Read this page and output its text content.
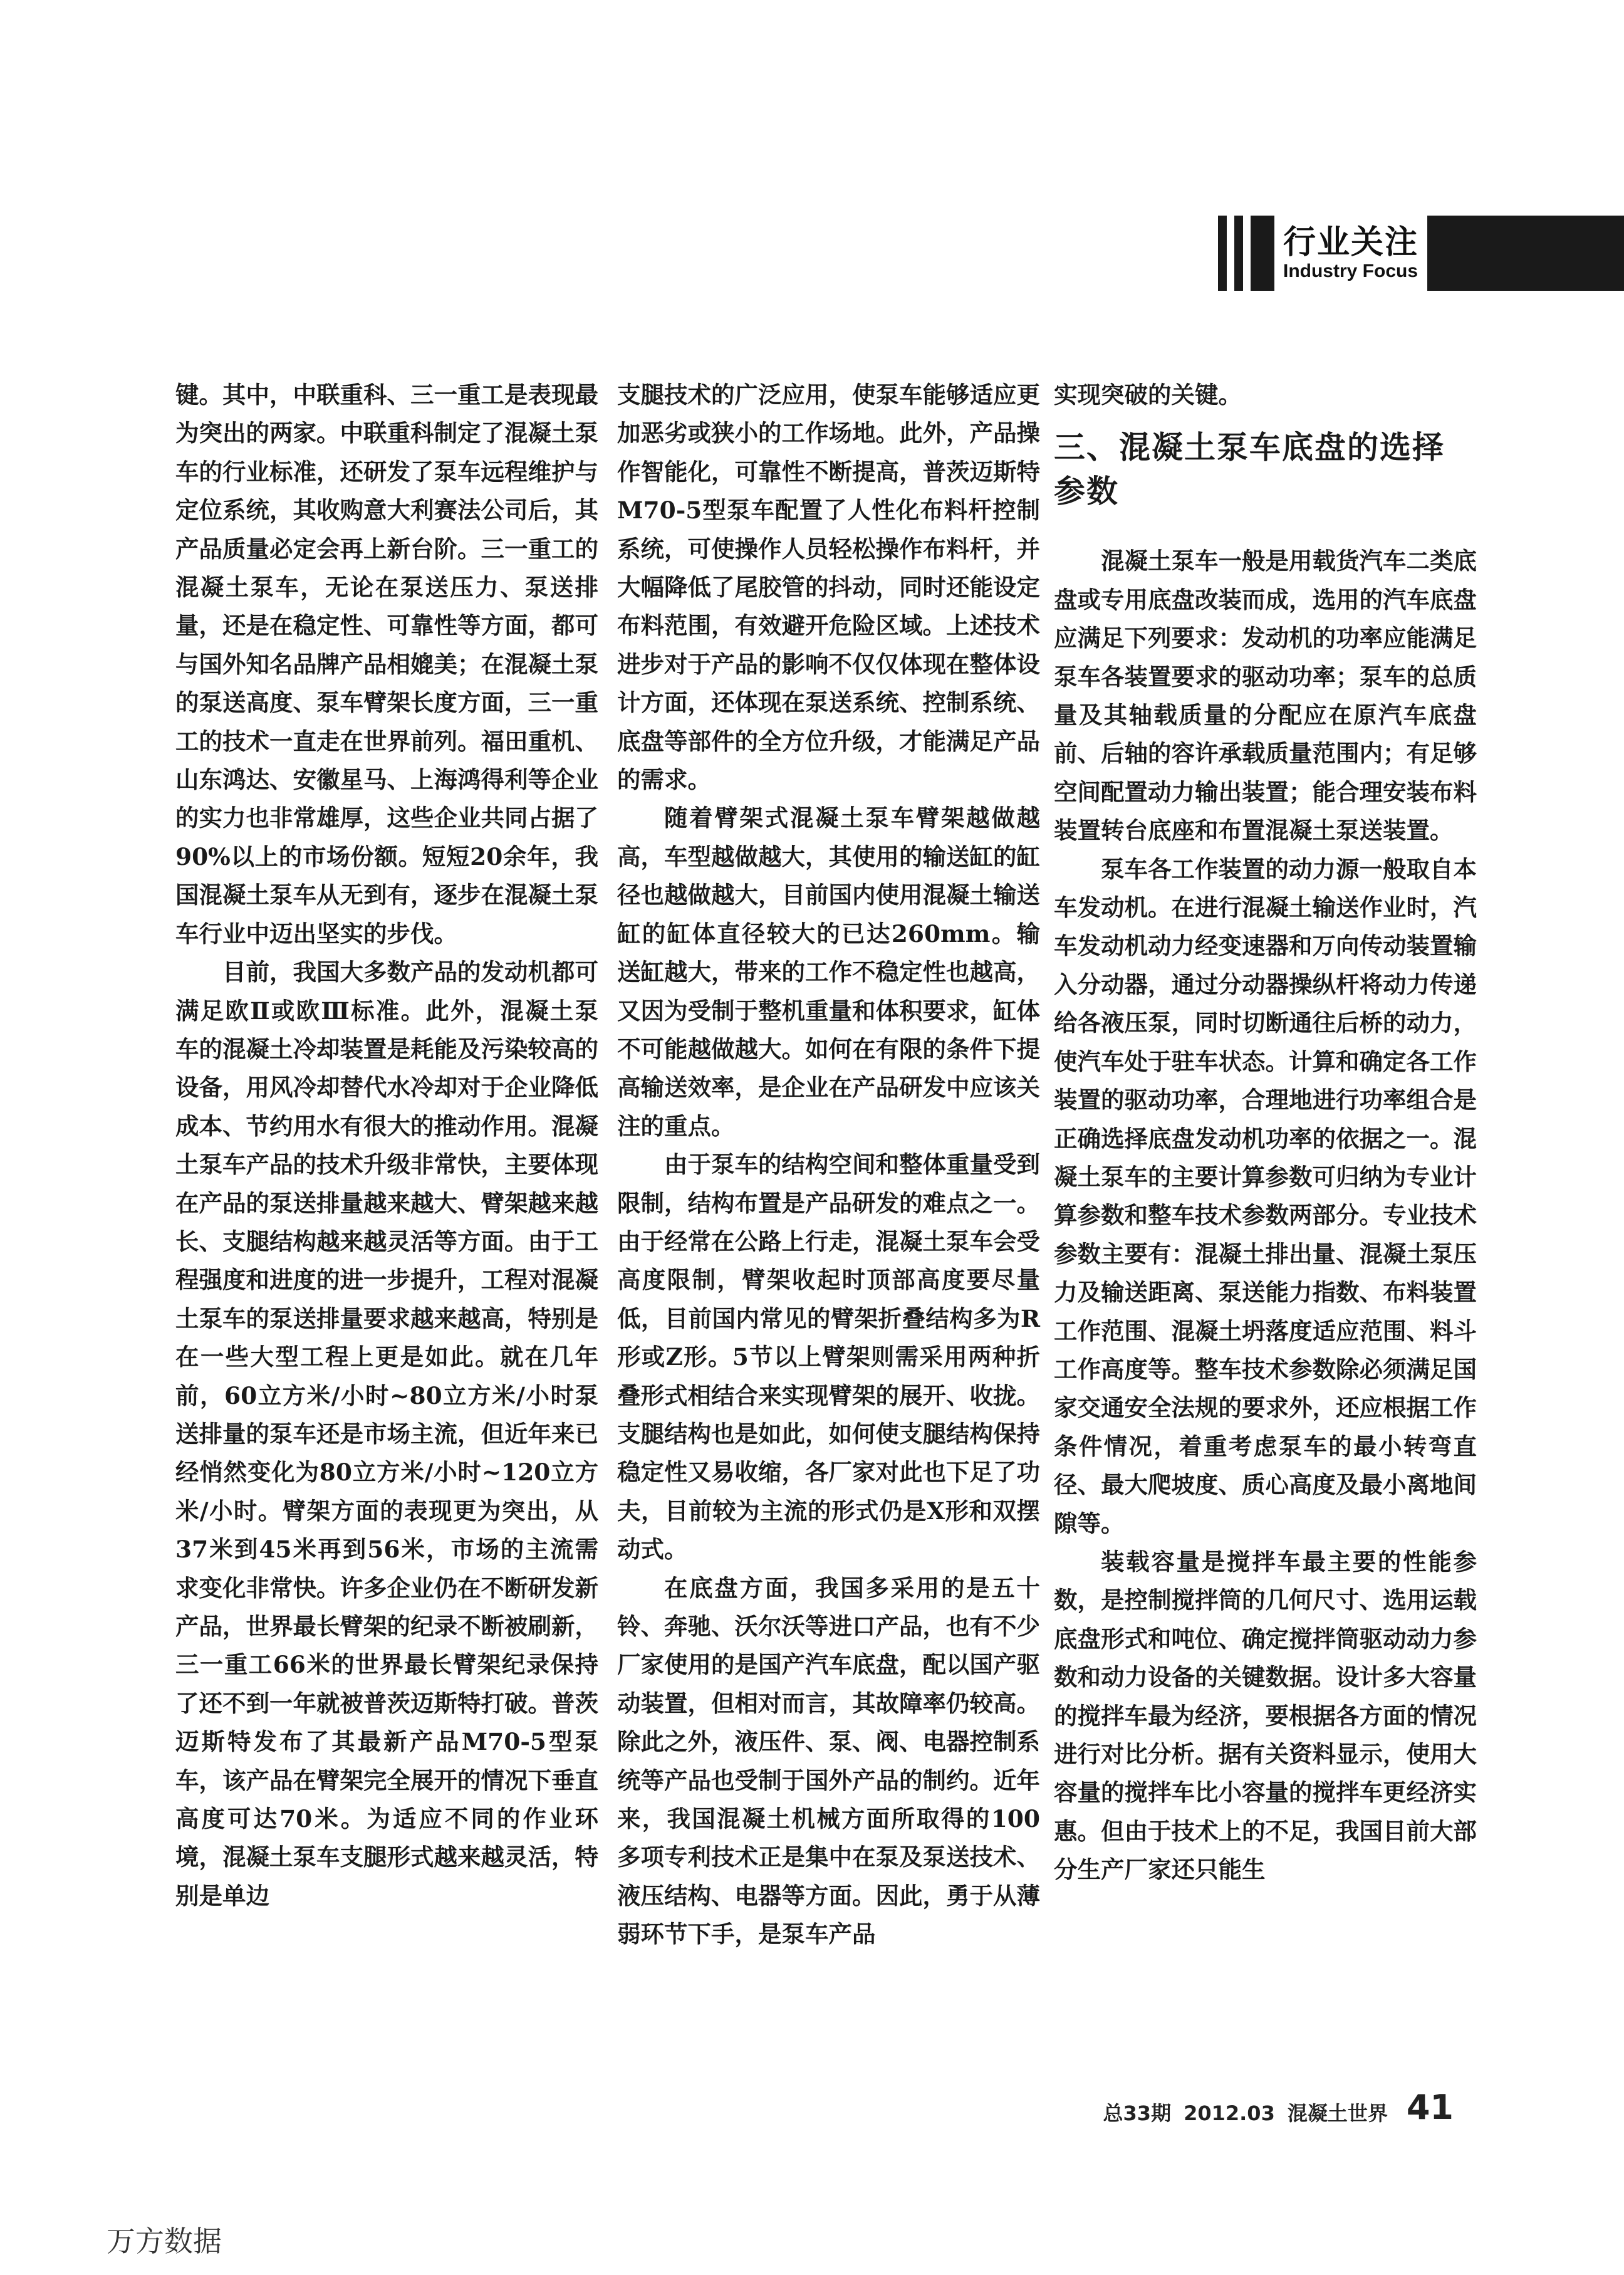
行业关注
Industry Focus

键。其中，中联重科、三一重工是表现最为突出的两家。中联重科制定了混凝土泵车的行业标准，还研发了泵车远程维护与定位系统，其收购意大利赛法公司后，其产品质量必定会再上新台阶。三一重工的混凝土泵车，无论在泵送压力、泵送排量，还是在稳定性、可靠性等方面，都可与国外知名品牌产品相媲美；在混凝土泵的泵送高度、泵车臂架长度方面，三一重工的技术一直走在世界前列。福田重机、山东鸿达、安徽星马、上海鸿得利等企业的实力也非常雄厚，这些企业共同占据了90%以上的市场份额。短短20余年，我国混凝土泵车从无到有，逐步在混凝土泵车行业中迈出坚实的步伐。

目前，我国大多数产品的发动机都可满足欧Ⅱ或欧Ⅲ标准。此外，混凝土泵车的混凝土冷却装置是耗能及污染较高的设备，用风冷却替代水冷却对于企业降低成本、节约用水有很大的推动作用。混凝土泵车产品的技术升级非常快，主要体现在产品的泵送排量越来越大、臂架越来越长、支腿结构越来越灵活等方面。由于工程强度和进度的进一步提升，工程对混凝土泵车的泵送排量要求越来越高，特别是在一些大型工程上更是如此。就在几年前，60立方米/小时~80立方米/小时泵送排量的泵车还是市场主流，但近年来已经悄然变化为80立方米/小时~120立方米/小时。臂架方面的表现更为突出，从37米到45米再到56米，市场的主流需求变化非常快。许多企业仍在不断研发新产品，世界最长臂架的纪录不断被刷新，三一重工66米的世界最长臂架纪录保持了还不到一年就被普茨迈斯特打破。普茨迈斯特发布了其最新产品M70-5型泵车，该产品在臂架完全展开的情况下垂直高度可达70米。为适应不同的作业环境，混凝土泵车支腿形式越来越灵活，特别是单边

支腿技术的广泛应用，使泵车能够适应更加恶劣或狭小的工作场地。此外，产品操作智能化，可靠性不断提高，普茨迈斯特M70-5型泵车配置了人性化布料杆控制系统，可使操作人员轻松操作布料杆，并大幅降低了尾胶管的抖动，同时还能设定布料范围，有效避开危险区域。上述技术进步对于产品的影响不仅仅体现在整体设计方面，还体现在泵送系统、控制系统、底盘等部件的全方位升级，才能满足产品的需求。

随着臂架式混凝土泵车臂架越做越高，车型越做越大，其使用的输送缸的缸径也越做越大，目前国内使用混凝土输送缸的缸体直径较大的已达260mm。输送缸越大，带来的工作不稳定性也越高，又因为受制于整机重量和体积要求，缸体不可能越做越大。如何在有限的条件下提高输送效率，是企业在产品研发中应该关注的重点。

由于泵车的结构空间和整体重量受到限制，结构布置是产品研发的难点之一。由于经常在公路上行走，混凝土泵车会受高度限制，臂架收起时顶部高度要尽量低，目前国内常见的臂架折叠结构多为R形或Z形。5节以上臂架则需采用两种折叠形式相结合来实现臂架的展开、收拢。支腿结构也是如此，如何使支腿结构保持稳定性又易收缩，各厂家对此也下足了功夫，目前较为主流的形式仍是X形和双摆动式。

在底盘方面，我国多采用的是五十铃、奔驰、沃尔沃等进口产品，也有不少厂家使用的是国产汽车底盘，配以国产驱动装置，但相对而言，其故障率仍较高。除此之外，液压件、泵、阀、电器控制系统等产品也受制于国外产品的制约。近年来，我国混凝土机械方面所取得的100多项专利技术正是集中在泵及泵送技术、液压结构、电器等方面。因此，勇于从薄弱环节下手，是泵车产品

实现突破的关键。

三、混凝土泵车底盘的选择参数

混凝土泵车一般是用载货汽车二类底盘或专用底盘改装而成，选用的汽车底盘应满足下列要求：发动机的功率应能满足泵车各装置要求的驱动功率；泵车的总质量及其轴载质量的分配应在原汽车底盘前、后轴的容许承载质量范围内；有足够空间配置动力输出装置；能合理安装布料装置转台底座和布置混凝土泵送装置。

泵车各工作装置的动力源一般取自本车发动机。在进行混凝土输送作业时，汽车发动机动力经变速器和万向传动装置输入分动器，通过分动器操纵杆将动力传递给各液压泵，同时切断通往后桥的动力，使汽车处于驻车状态。计算和确定各工作装置的驱动功率，合理地进行功率组合是正确选择底盘发动机功率的依据之一。混凝土泵车的主要计算参数可归纳为专业计算参数和整车技术参数两部分。专业技术参数主要有：混凝土排出量、混凝土泵压力及输送距离、泵送能力指数、布料装置工作范围、混凝土坍落度适应范围、料斗工作高度等。整车技术参数除必须满足国家交通安全法规的要求外，还应根据工作条件情况，着重考虑泵车的最小转弯直径、最大爬坡度、质心高度及最小离地间隙等。

装载容量是搅拌车最主要的性能参数，是控制搅拌筒的几何尺寸、选用运载底盘形式和吨位、确定搅拌筒驱动动力参数和动力设备的关键数据。设计多大容量的搅拌车最为经济，要根据各方面的情况进行对比分析。据有关资料显示，使用大容量的搅拌车比小容量的搅拌车更经济实惠。但由于技术上的不足，我国目前大部分生产厂家还只能生

总33期 2012.03 混凝土世界 41
万方数据
